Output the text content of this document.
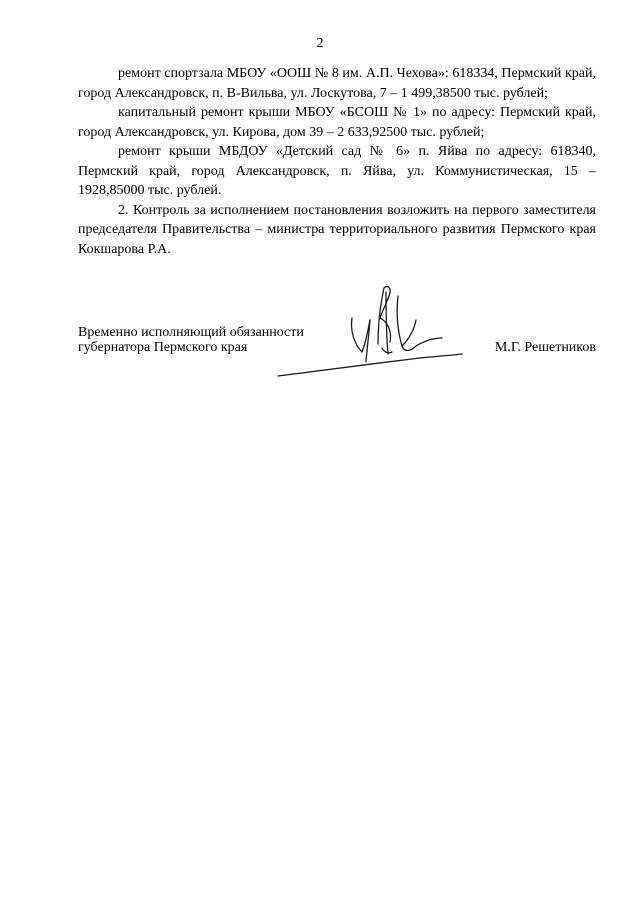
2

ремонт спортзала МБОУ «ООШ № 8 им. А.П. Чехова»: 618334, Пермский край, город Александровск, п. В-Вильва, ул. Лоскутова, 7 – 1 499,38500 тыс. рублей;

капитальный ремонт крыши МБОУ «БСОШ № 1» по адресу: Пермский край, город Александровск, ул. Кирова, дом 39 – 2 633,92500 тыс. рублей;

ремонт крыши МБДОУ «Детский сад № 6» п. Яйва по адресу: 618340, Пермский край, город Александровск, п. Яйва, ул. Коммунистическая, 15 – 1928,85000 тыс. рублей.

2. Контроль за исполнением постановления возложить на первого заместителя председателя Правительства – министра территориального развития Пермского края Кокшарова Р.А.

Временно исполняющий обязанности
губернатора Пермского края	М.Г. Решетников
